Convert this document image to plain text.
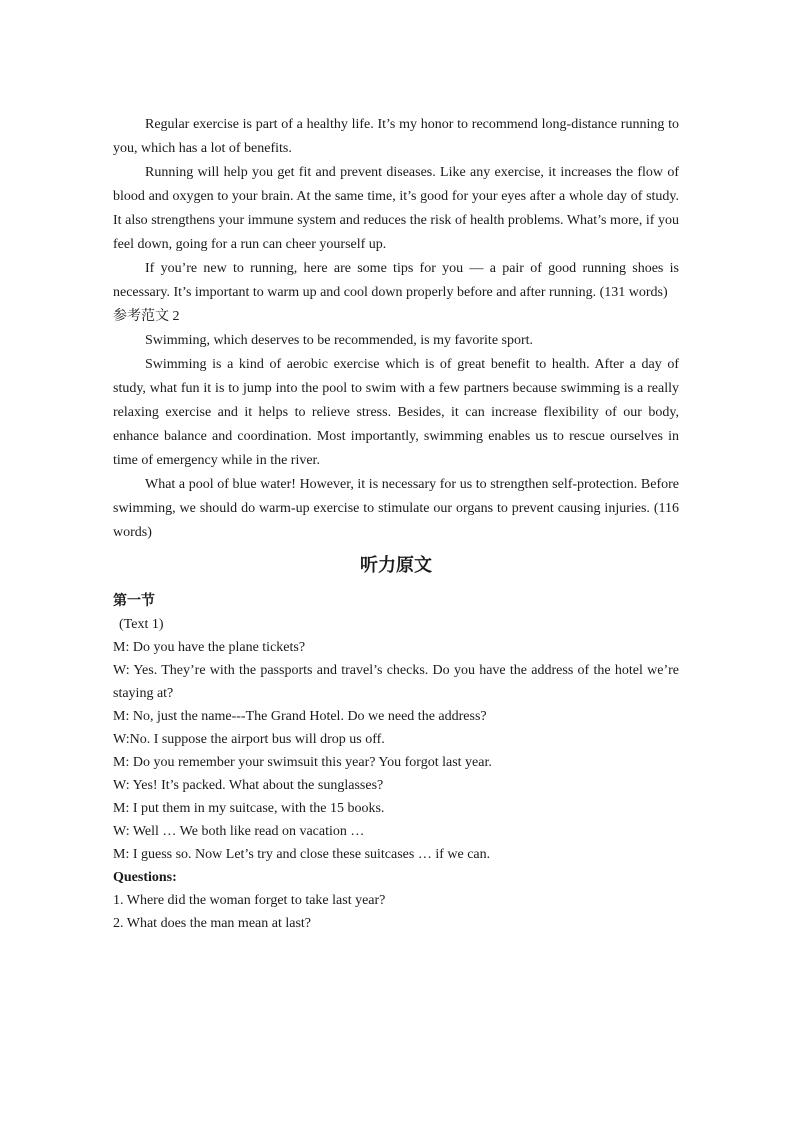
Regular exercise is part of a healthy life. It’s my honor to recommend long-distance running to you, which has a lot of benefits.

Running will help you get fit and prevent diseases. Like any exercise, it increases the flow of blood and oxygen to your brain. At the same time, it’s good for your eyes after a whole day of study. It also strengthens your immune system and reduces the risk of health problems. What’s more, if you feel down, going for a run can cheer yourself up.

If you’re new to running, here are some tips for you — a pair of good running shoes is necessary. It’s important to warm up and cool down properly before and after running. (131 words)

参考范文 2

Swimming, which deserves to be recommended, is my favorite sport.

Swimming is a kind of aerobic exercise which is of great benefit to health. After a day of study, what fun it is to jump into the pool to swim with a few partners because swimming is a really relaxing exercise and it helps to relieve stress. Besides, it can increase flexibility of our body, enhance balance and coordination. Most importantly, swimming enables us to rescue ourselves in time of emergency while in the river.

What a pool of blue water! However, it is necessary for us to strengthen self-protection. Before swimming, we should do warm-up exercise to stimulate our organs to prevent causing injuries. (116 words)

听力原文

第一节

(Text 1)

M: Do you have the plane tickets?

W: Yes. They’re with the passports and travel’s checks. Do you have the address of the hotel we’re staying at?

M: No, just the name---The Grand Hotel. Do we need the address?

W:No. I suppose the airport bus will drop us off.

M: Do you remember your swimsuit this year? You forgot last year.

W: Yes! It’s packed. What about the sunglasses?

M: I put them in my suitcase, with the 15 books.

W: Well … We both like read on vacation …

M: I guess so. Now Let’s try and close these suitcases … if we can.

Questions:

1. Where did the woman forget to take last year?

2. What does the man mean at last?
